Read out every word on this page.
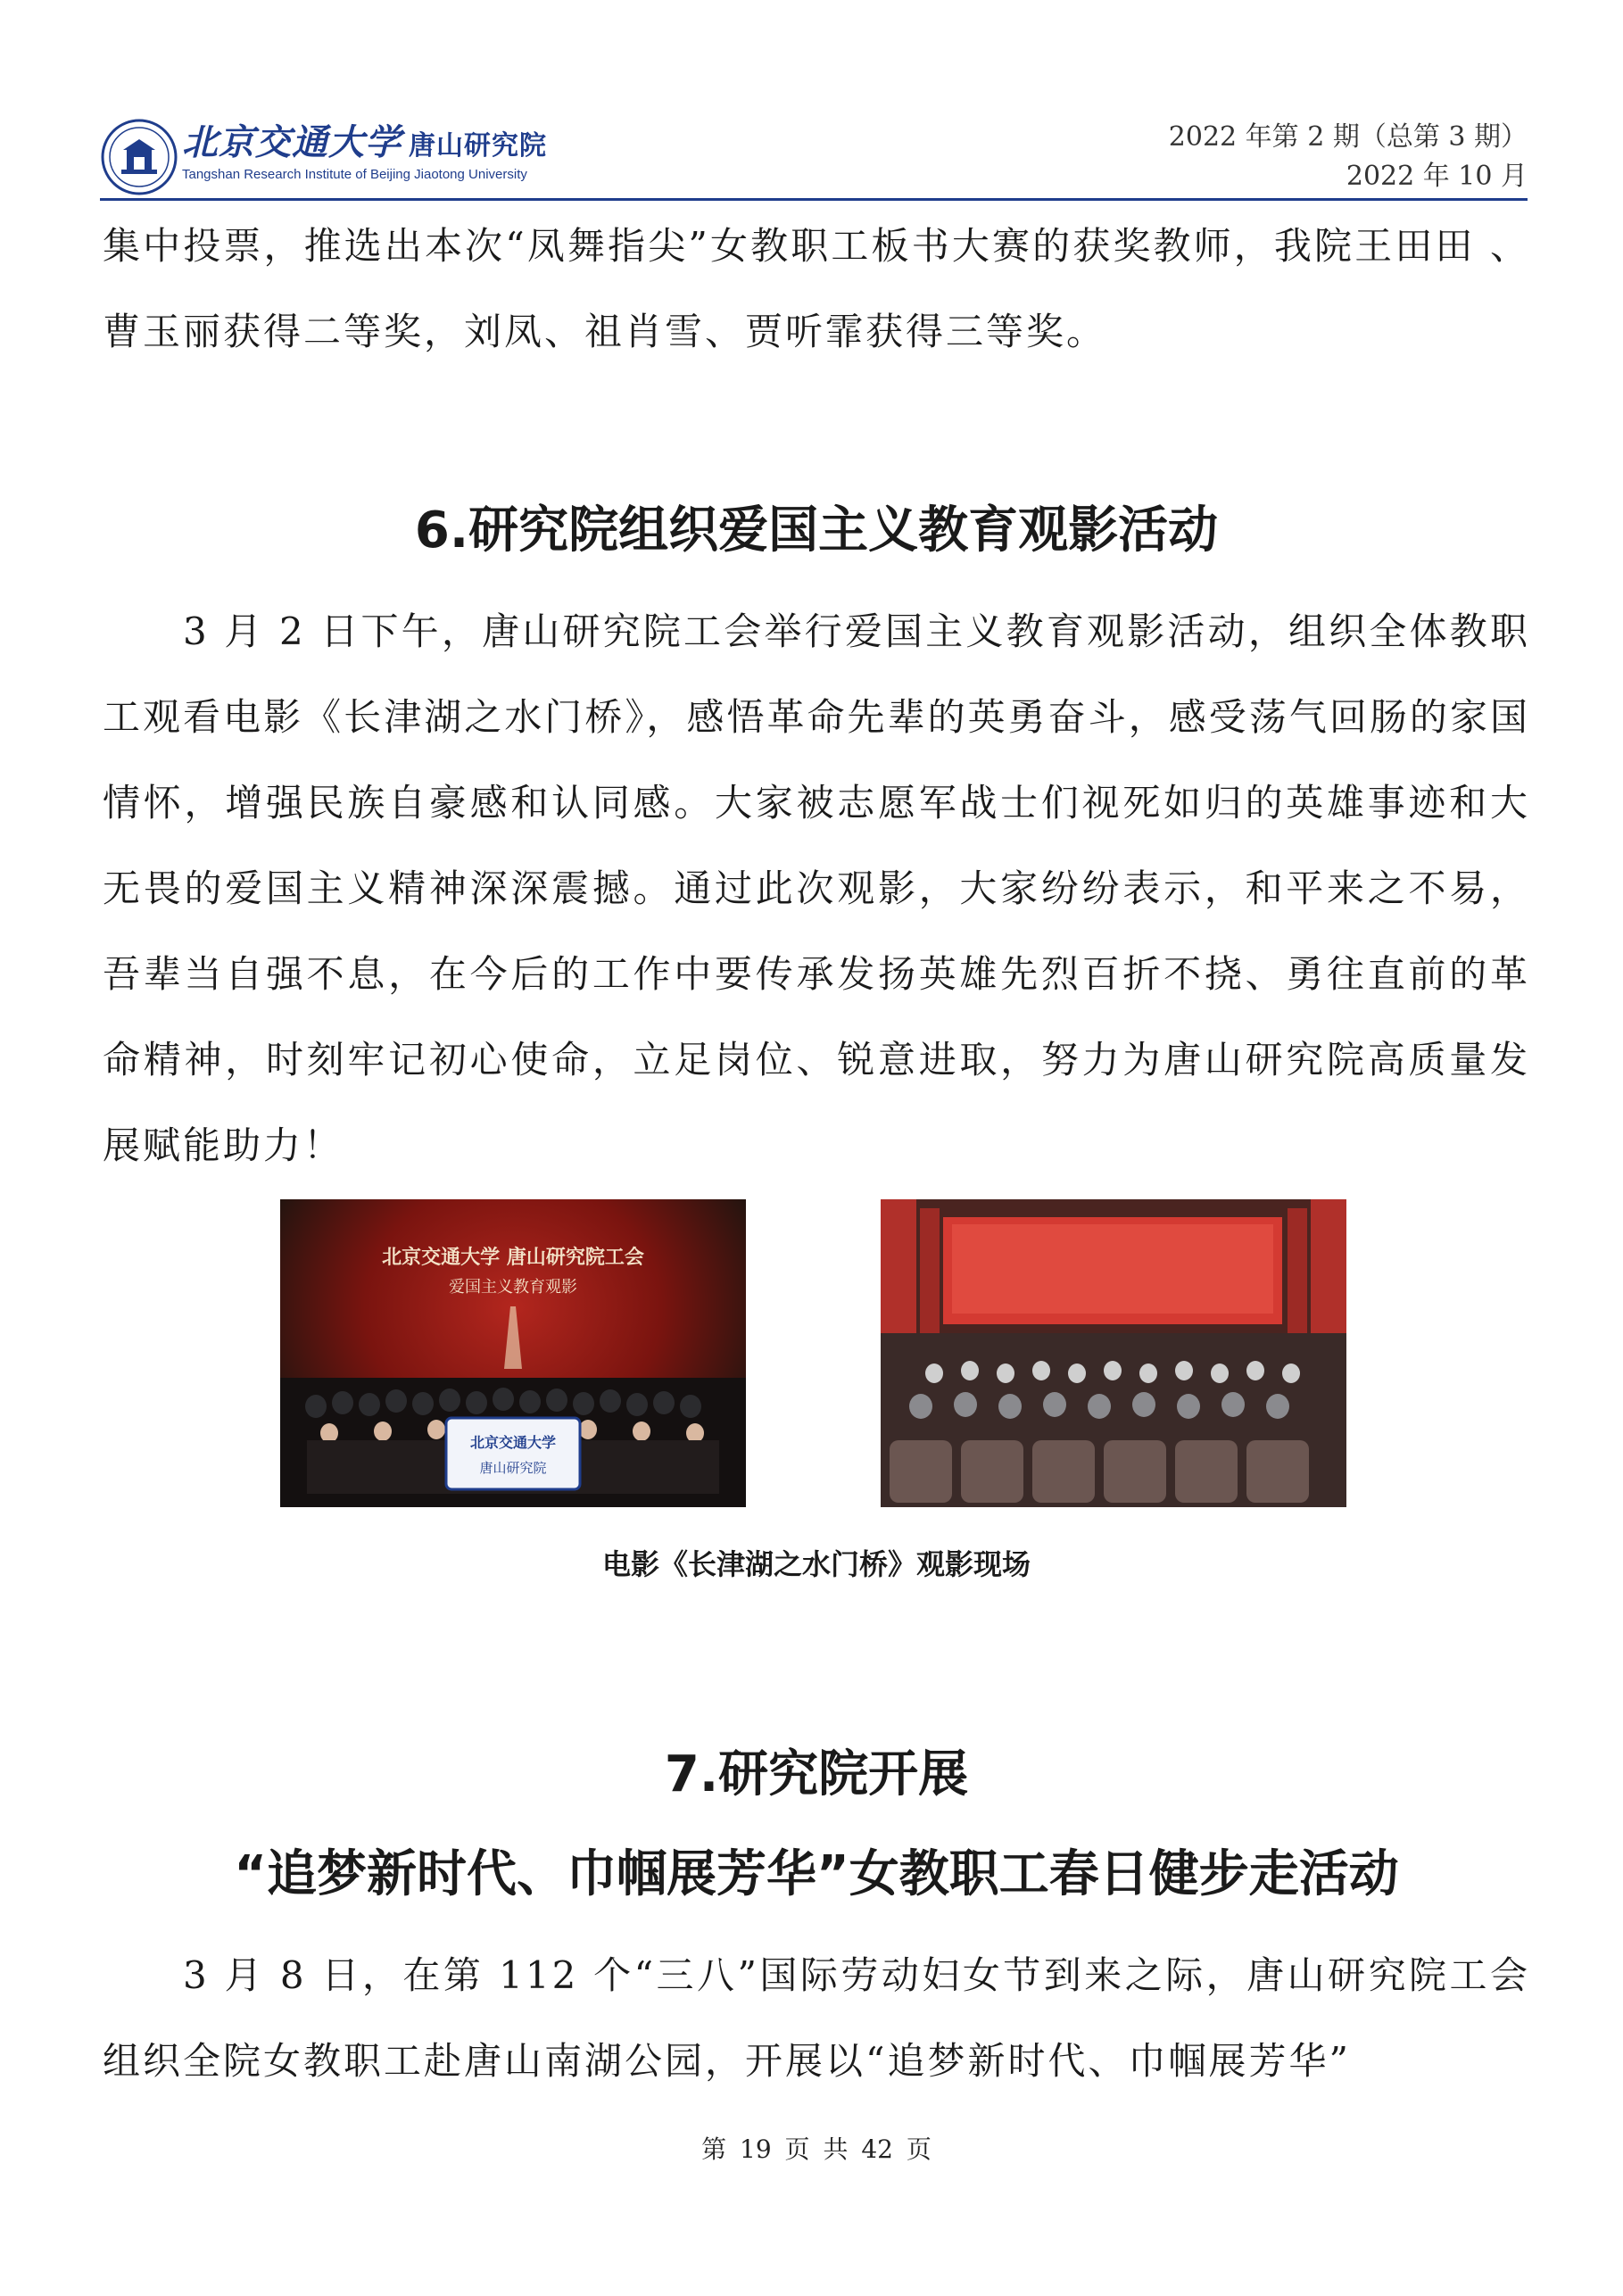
北京交通大学 唐山研究院
Tangshan Research Institute of Beijing Jiaotong University
2022 年第 2 期（总第 3 期）
2022 年 10 月

集中投票，推选出本次“凤舞指尖”女教职工板书大赛的获奖教师，我院王田田 、曹玉丽获得二等奖，刘凤、祖肖雪、贾听霏获得三等奖。

6.研究院组织爱国主义教育观影活动

3 月 2 日下午，唐山研究院工会举行爱国主义教育观影活动，组织全体教职工观看电影《长津湖之水门桥》，感悟革命先辈的英勇奋斗，感受荡气回肠的家国情怀，增强民族自豪感和认同感。大家被志愿军战士们视死如归的英雄事迹和大无畏的爱国主义精神深深震撼。通过此次观影，大家纷纷表示，和平来之不易，吾辈当自强不息，在今后的工作中要传承发扬英雄先烈百折不挠、勇往直前的革命精神，时刻牢记初心使命，立足岗位、锐意进取，努力为唐山研究院高质量发展赋能助力！

北京交通大学 唐山研究院工会
爱国主义教育观影
北京交通大学
唐山研究院
电影《长津湖之水门桥》观影现场
7.研究院开展
“追梦新时代、巾帼展芳华”女教职工春日健步走活动

3 月 8 日，在第 112 个“三八”国际劳动妇女节到来之际，唐山研究院工会组织全院女教职工赴唐山南湖公园，开展以“追梦新时代、巾帼展芳华”

第 19 页 共 42 页
